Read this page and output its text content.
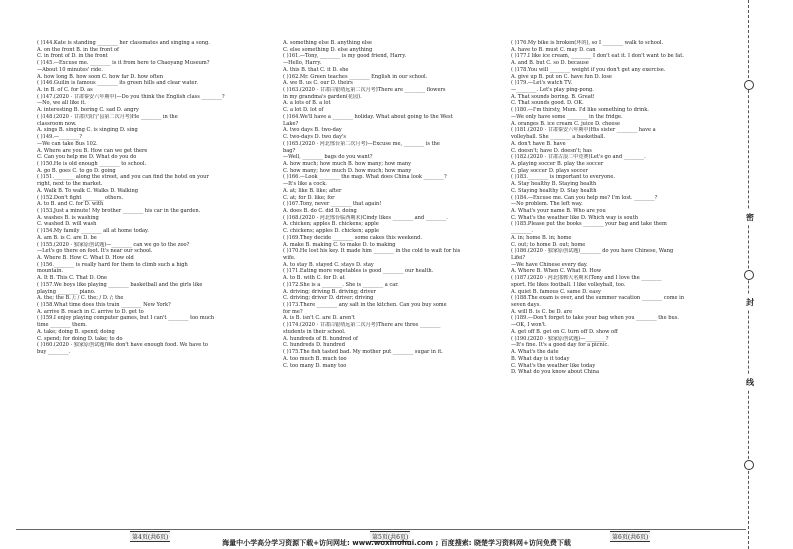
( )144.Kate is standing ________ her classmates and singing a song.
A. on the front B. in the front of
C. in front of D. in the front
( )145.—Excuse me. ________ is it from here to Chaoyang Museum?
—About 10 minutes' ride.
A. how long B. how soon C. how far D. how often
( )146.Guilin is famous ________ its green hills and clear water.
A. in B. of C. for D. as
( )147.(2020 · 甘肃秦安六年期中)—Do you think the English class ________?
—No, we all like it.
A. interesting B. boring C. sad D. angry
( )148.(2020 · 甘肃庆阳宁县第二次月考)He ________ in the
classroom now.
A. sings B. singing C. is singing D. sing
( )149.—________?
—We can take Bus 102.
A. Where are you B. How can we get there
C. Can you help me D. What do you do
( )150.He is old enough ________ to school.
A. go B. goes C. to go D. going
( )151.________ along the street, and you can find the hotel on your
right, next to the market.
A. Walk B. To walk C. Walks D. Walking
( )152.Don't fight ________ others.
A. to B. and C. for D. with
( )153.Just a minute! My brother ________ his car in the garden.
A. washes B. is washing
C. washed D. will wash
( )154.My family ________ all at home today.
A. am B. is C. are D. be
( )155.(2020 · 独家原创试题)—________ can we go to the zoo?
—Let's go there on foot. It's near our school.
A. Where B. How C. What D. How old
( )156.________ is really hard for them to climb such a high
mountain.
A. It B. This C. That D. One
( )157.We boys like playing ________ basketball and the girls like
playing ________ piano.
A. the; the B. /; / C. the; / D. /; the
( )158.What time does this train ________ New York?
A. arrive B. reach in C. arrive to D. get to
( )159.I enjoy playing computer games, but I can't ________ too much
time ________ them.
A. take; doing B. spend; doing
C. spend; for doing D. take; to do
( )160.(2020 · 独家原创试题)We don't have enough food. We have to
buy ________.
A. something else B. anything else
C. else something D. else anything
( )161.—Tony, ________ is my good friend, Harry.
—Hello, Harry.
A. this B. that C. it D. she
( )162.Mr. Green teaches ________ English in our school.
A. we B. us C. our D. theirs
( )163.(2020 · 甘肃白银靖远第二次月考)There are ________ flowers
in my grandma's garden(花园).
A. a lots of B. a lot
C. a lot D. lot of
( )164.We'll have a ________ holiday. What about going to the West
Lake?
A. two days B. two-day
C. two-days D. two day's
( )165.(2020 · 河北邢台第二次月考)—Excuse me, ________ is the
bag?
—Well, ________ bags do you want?
A. how much; how much B. how many; how many
C. how many; how much D. how much; how many
( )166.—Look ________ the map. What does China look ________?
—It's like a cock.
A. at; like B. like; after
C. at; for D. like; for
( )167.Tony, never ________ that again!
A. does B. do C. did D. doing
( )168.(2020 · 河北邢台临西期末)Cindy likes ________ and ________.
A. chicken; apples B. chickens; apple
C. chickens; apples D. chicken; apple
( )169.They decide ________ some cakes this weekend.
A. make B. making C. to make D. to making
( )170.He lost his key. It made him ________ in the cold to wait for his
wife.
A. to stay B. stayed C. stays D. stay
( )171.Eating more vegetables is good ________ our health.
A. to B. with C. for D. at
( )172.She is a ________. She is ________ a car.
A. driving; driving B. driving; driver
C. driving; driver D. driver; driving
( )173.There ________ any salt in the kitchen. Can you buy some
for me?
A. is B. isn't C. are D. aren't
( )174.(2020 · 甘肃白银靖远第二次月考)There are three ________
students in their school.
A. hundreds of B. hundred of
C. hundreds D. hundred
( )175.The fish tasted bad. My mother put ________ sugar in it.
A. too much B. much too
C. too many D. many too
( )176.My bike is broken(坏的), so I ________ walk to school.
A. have to B. must C. may D. can
( )177.I like ice cream, ________ I don't eat it. I don't want to be fat.
A. and B. but C. so D. because
( )178.You will ________ weight if you don't get any exercise.
A. give up B. put on C. have fun D. lose
( )179.—Let's watch TV.
—________. Let's play ping-pong.
A. That sounds boring. B. Great!
C. That sounds good. D. OK.
( )180.—I'm thirsty, Mum. I'd like something to drink.
—We only have some ________ in the fridge.
A. oranges B. ice cream C. juice D. cheese
( )181.(2020 · 甘肃秦安六年期中)His sister ________ have a
volleyball. She ________ a basketball.
A. don't have B. have
C. doesn't; have D. doesn't; has
( )182.(2020 · 甘肃古浪二中竞赛)Let's go and ________.
A. playing soccer B. play the soccer
C. play soccer D. plays soccer
( )183.________ is important to everyone.
A. Stay healthy B. Staying health
C. Staying healthy D. Stay health
( )184.—Excuse me. Can you help me? I'm lost. ________?
—No problem. The left way.
A. What's your name B. Who are you
C. What's the weather like D. Which way is south
( )185.Please put the books ________ your bag and take them
________.
A. in; home B. in; home
C. out; to home D. out; home
( )186.(2020 · 独家原创试题)________ do you have Chinese, Wang
Lifei?
—We have Chinese every day.
A. Where B. When C. What D. How
( )187.(2020 · 河北邯郸大名期末)Tony and I love the ________
sport. He likes football. I like volleyball, too.
A. quiet B. famous C. same D. easy
( )188.The exam is over, and the summer vacation ________ come in
seven days.
A. will B. is C. be D. are
( )189.—Don't forget to take your bag when you ________ the bus.
—OK, I won't.
A. get off B. get on C. turn off D. show off
( )190.(2020 · 独家原创试题)—________?
—It's fine. It's a good day for a picnic.
A. What's the date
B. What day is it today
C. What's the weather like today
D. What do you know about China
第4页(共6页)	第5页(共6页)	第6页(共6页)
海量中小学高分学习资源下载+访问网址: www.woxinohui.com ; 百度搜索: 晓楚学习资料网+访问免费下载
密
封
线
